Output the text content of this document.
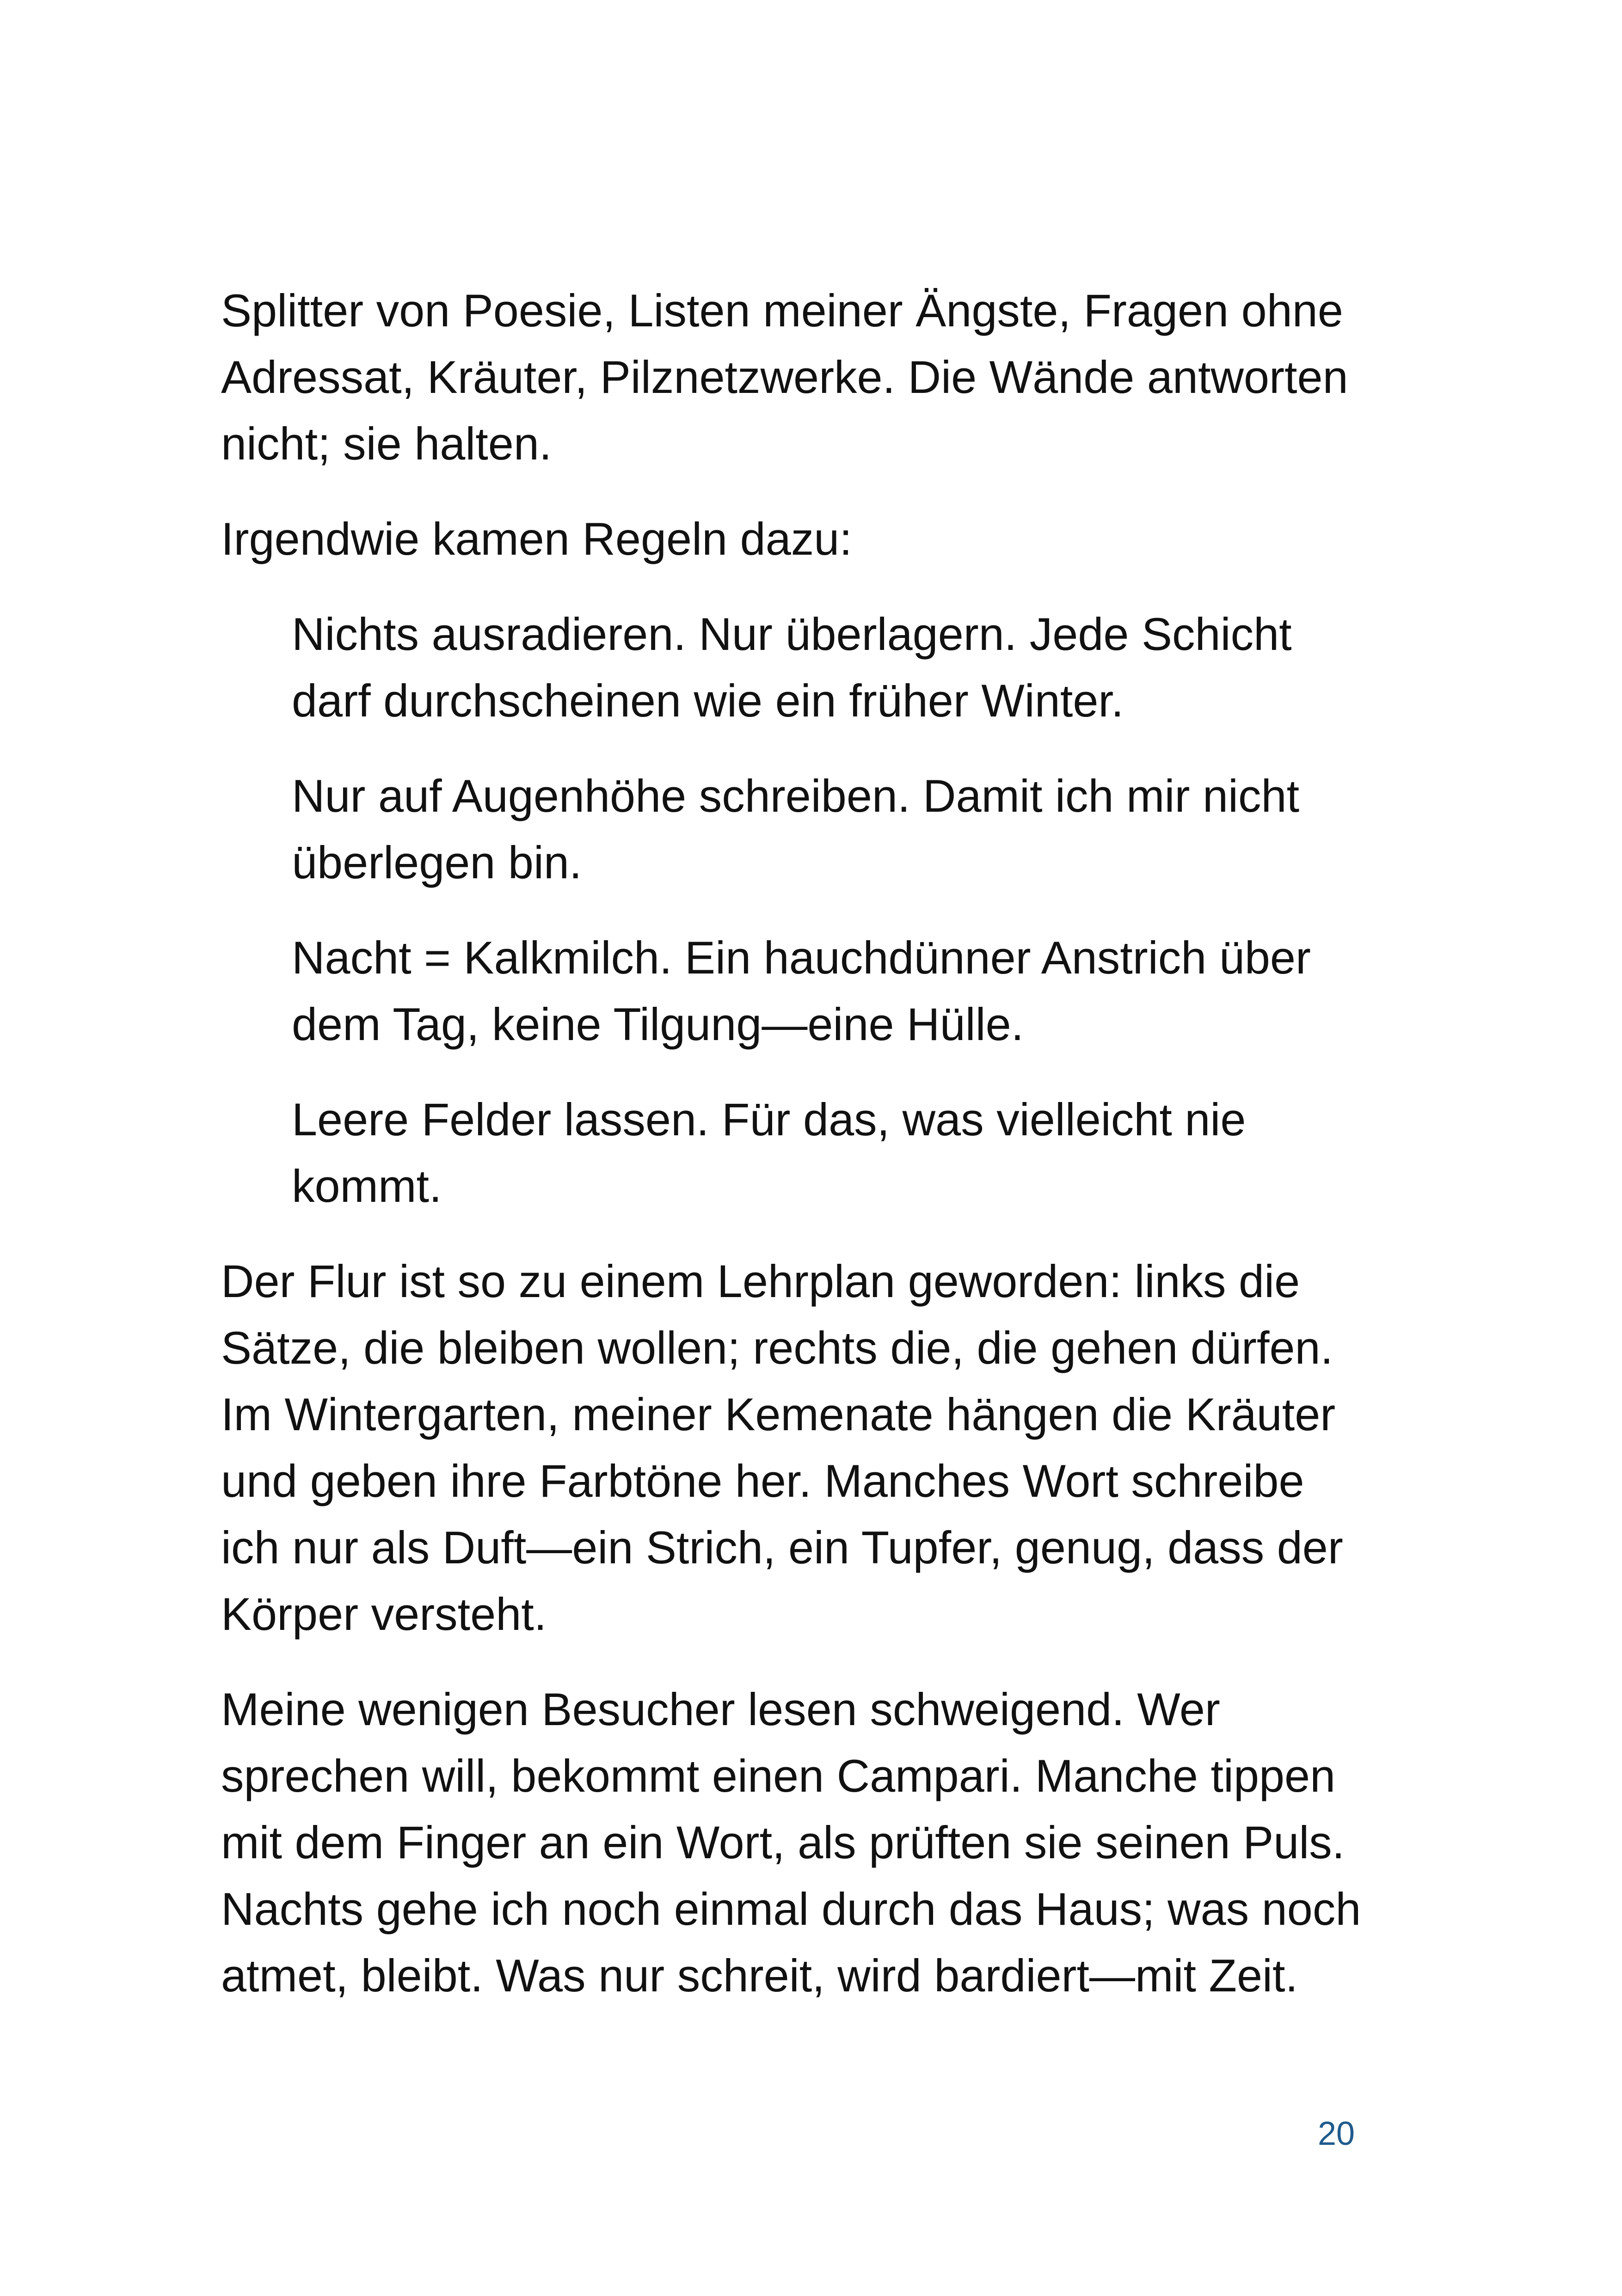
Splitter von Poesie, Listen meiner Ängste, Fragen ohne
Adressat, Kräuter, Pilznetzwerke. Die Wände antworten
nicht; sie halten.

Irgendwie kamen Regeln dazu:

Nichts ausradieren. Nur überlagern. Jede Schicht
darf durchscheinen wie ein früher Winter.

Nur auf Augenhöhe schreiben. Damit ich mir nicht
überlegen bin.

Nacht = Kalkmilch. Ein hauchdünner Anstrich über
dem Tag, keine Tilgung—eine Hülle.

Leere Felder lassen. Für das, was vielleicht nie
kommt.

Der Flur ist so zu einem Lehrplan geworden: links die
Sätze, die bleiben wollen; rechts die, die gehen dürfen.
Im Wintergarten, meiner Kemenate hängen die Kräuter
und geben ihre Farbtöne her. Manches Wort schreibe
ich nur als Duft—ein Strich, ein Tupfer, genug, dass der
Körper versteht.

Meine wenigen Besucher lesen schweigend. Wer
sprechen will, bekommt einen Campari. Manche tippen
mit dem Finger an ein Wort, als prüften sie seinen Puls.
Nachts gehe ich noch einmal durch das Haus; was noch
atmet, bleibt. Was nur schreit, wird bardiert—mit Zeit.

20
